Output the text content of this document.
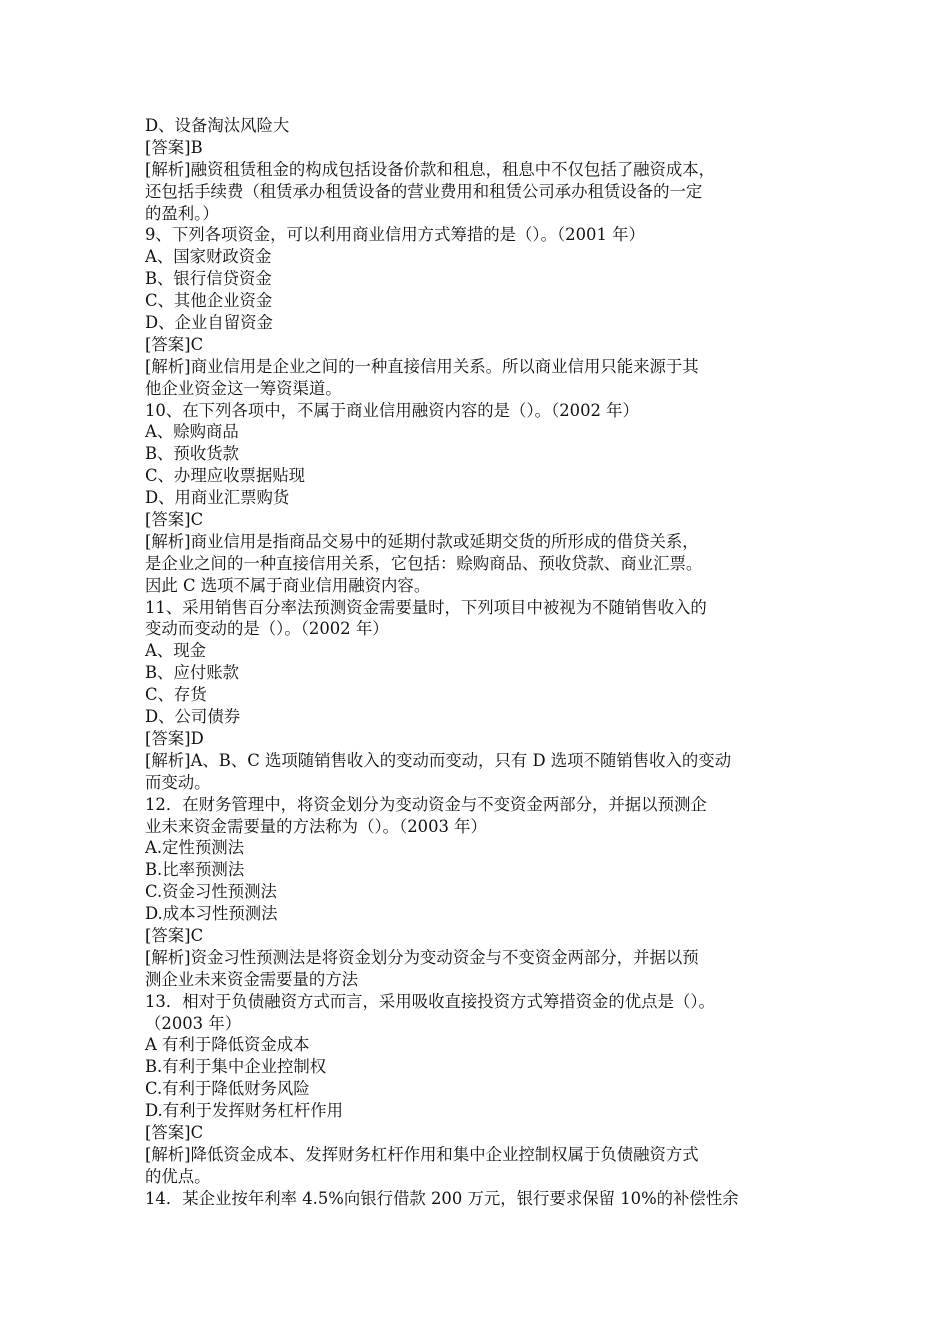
D、设备淘汰风险大
[答案]B
[解析]融资租赁租金的构成包括设备价款和租息，租息中不仅包括了融资成本，
还包括手续费（租赁承办租赁设备的营业费用和租赁公司承办租赁设备的一定
的盈利。）
9、下列各项资金，可以利用商业信用方式筹措的是（）。（2001 年）
A、国家财政资金
B、银行信贷资金
C、其他企业资金
D、企业自留资金
[答案]C
[解析]商业信用是企业之间的一种直接信用关系。所以商业信用只能来源于其
他企业资金这一筹资渠道。
10、在下列各项中，不属于商业信用融资内容的是（）。（2002 年）
A、赊购商品
B、预收货款
C、办理应收票据贴现
D、用商业汇票购货
[答案]C
[解析]商业信用是指商品交易中的延期付款或延期交货的所形成的借贷关系，
是企业之间的一种直接信用关系，它包括：赊购商品、预收贷款、商业汇票。
因此 C 选项不属于商业信用融资内容。
11、采用销售百分率法预测资金需要量时，下列项目中被视为不随销售收入的
变动而变动的是（）。（2002 年）
A、现金
B、应付账款
C、存货
D、公司债券
[答案]D
[解析]A、B、C 选项随销售收入的变动而变动，只有 D 选项不随销售收入的变动
而变动。
12．在财务管理中，将资金划分为变动资金与不变资金两部分，并据以预测企
业未来资金需要量的方法称为（）。（2003 年）
A.定性预测法
B.比率预测法
C.资金习性预测法
D.成本习性预测法
[答案]C
[解析]资金习性预测法是将资金划分为变动资金与不变资金两部分，并据以预
测企业未来资金需要量的方法
13．相对于负债融资方式而言，采用吸收直接投资方式筹措资金的优点是（）。
（2003 年）
A 有利于降低资金成本
B.有利于集中企业控制权
C.有利于降低财务风险
D.有利于发挥财务杠杆作用
[答案]C
[解析]降低资金成本、发挥财务杠杆作用和集中企业控制权属于负债融资方式
的优点。
14．某企业按年利率 4.5%向银行借款 200 万元，银行要求保留 10%的补偿性余
